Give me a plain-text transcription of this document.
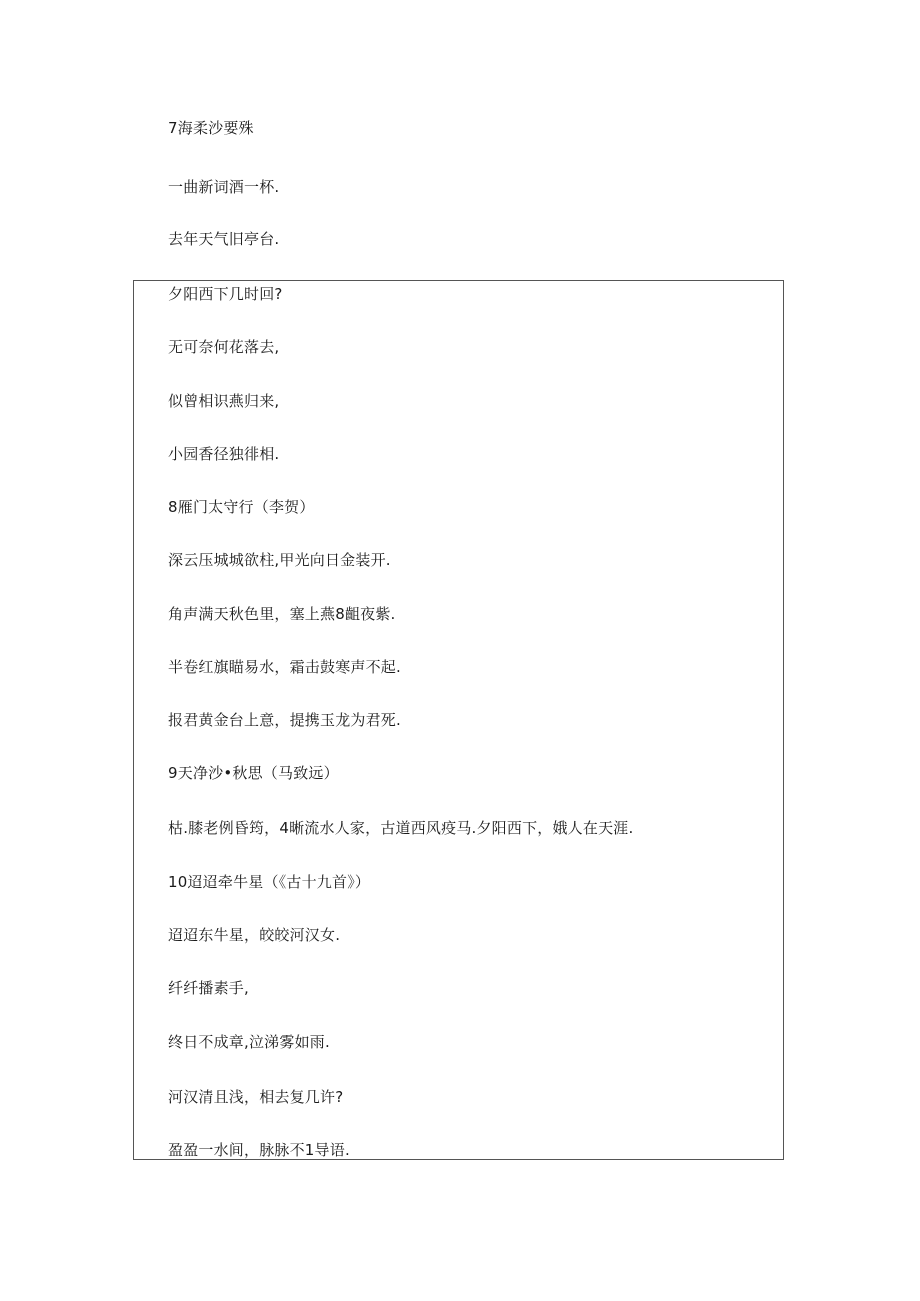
7海柔沙要殊

一曲新词酒一杯.

去年天气旧亭台.

夕阳西下几时回?

无可奈何花落去,

似曾相识燕归来,

小园香径独徘相.

8雁门太守行（李贺）

深云压城城欲柱,甲光向日金装开.

角声满天秋色里，塞上燕8齟夜紫.

半卷红旗瞄易水，霜击鼓寒声不起.

报君黄金台上意，提携玉龙为君死.

9天净沙•秋思（马致远）

枯.膝老例昏筠，4晰流水人家，古道西风疫马.夕阳西下，娥人在天涯.

10迢迢牵牛星（《古十九首》）

迢迢东牛星，皎皎河汉女.

纤纤播素手,

终日不成章,泣涕雾如雨.

河汉清且浅，相去复几许?

盈盈一水间，脉脉不1导语.
